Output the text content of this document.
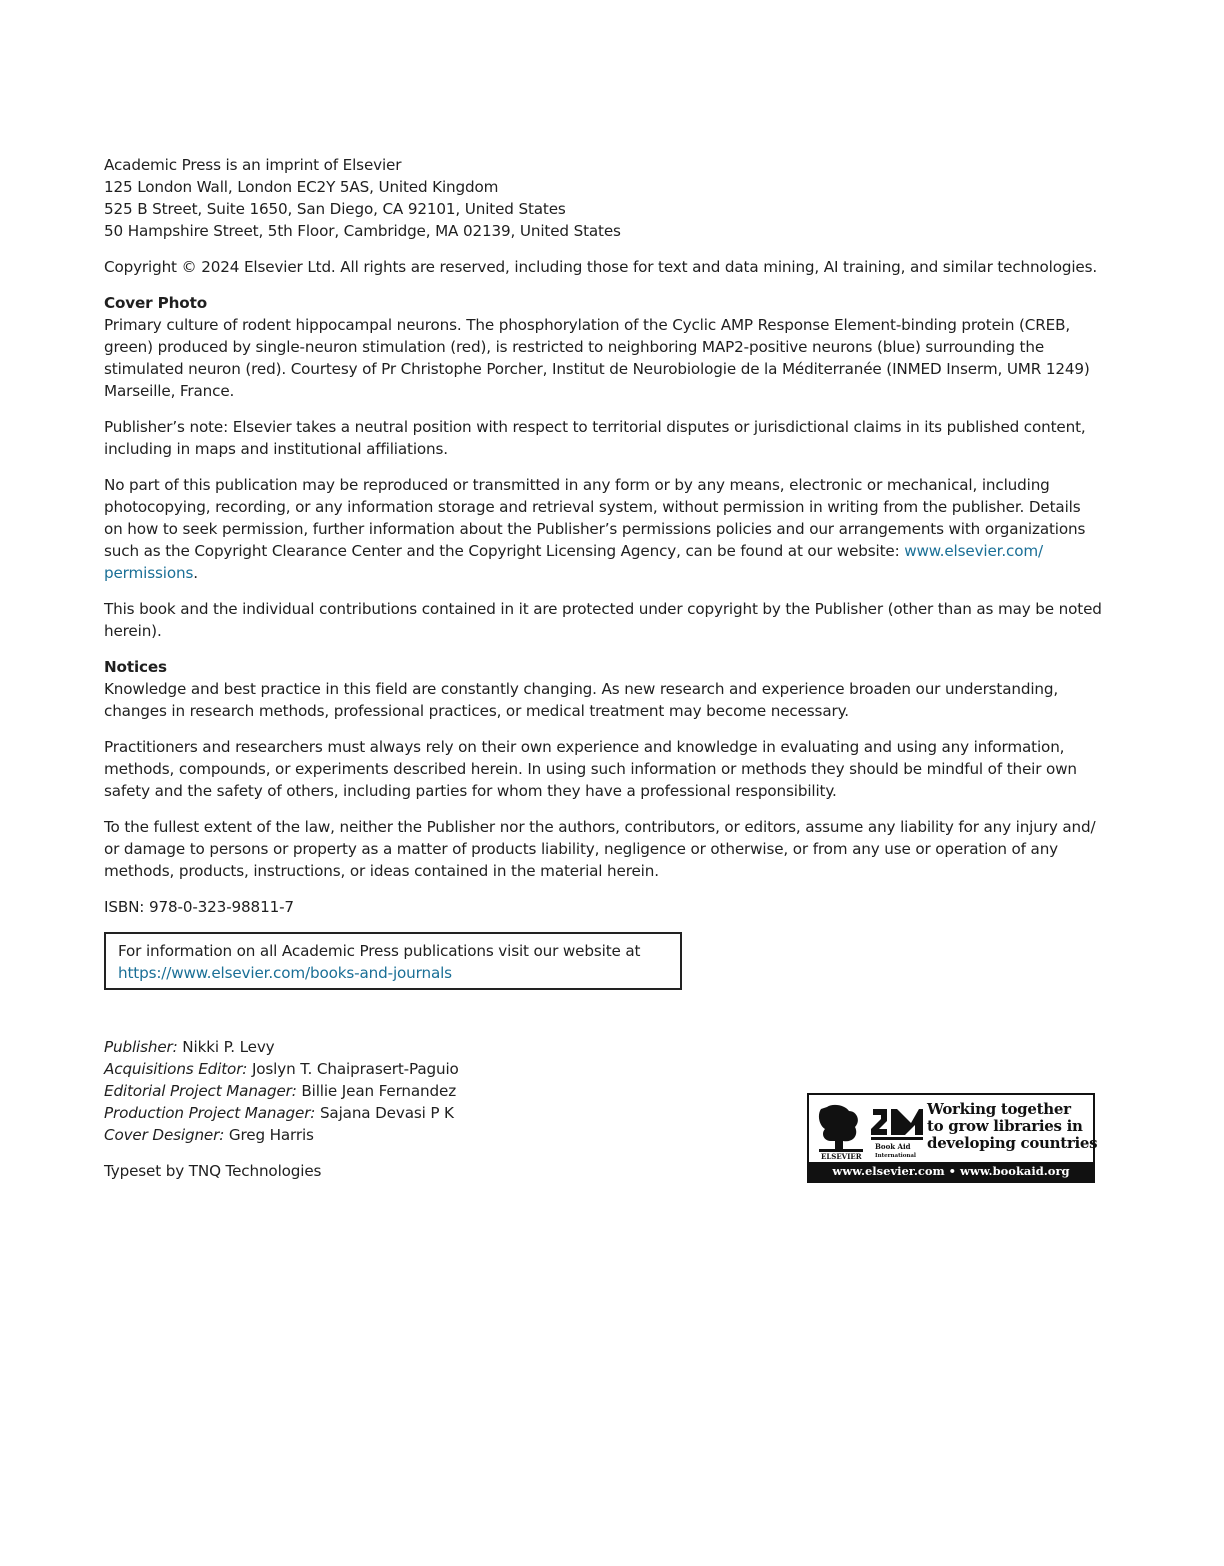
Academic Press is an imprint of Elsevier
125 London Wall, London EC2Y 5AS, United Kingdom
525 B Street, Suite 1650, San Diego, CA 92101, United States
50 Hampshire Street, 5th Floor, Cambridge, MA 02139, United States
Copyright © 2024 Elsevier Ltd. All rights are reserved, including those for text and data mining, AI training, and similar technologies.
Cover Photo
Primary culture of rodent hippocampal neurons. The phosphorylation of the Cyclic AMP Response Element-binding protein (CREB,
green) produced by single-neuron stimulation (red), is restricted to neighboring MAP2-positive neurons (blue) surrounding the
stimulated neuron (red). Courtesy of Pr Christophe Porcher, Institut de Neurobiologie de la Méditerranée (INMED Inserm, UMR 1249)
Marseille, France.
Publisher’s note: Elsevier takes a neutral position with respect to territorial disputes or jurisdictional claims in its published content,
including in maps and institutional affiliations.
No part of this publication may be reproduced or transmitted in any form or by any means, electronic or mechanical, including
photocopying, recording, or any information storage and retrieval system, without permission in writing from the publisher. Details
on how to seek permission, further information about the Publisher’s permissions policies and our arrangements with organizations
such as the Copyright Clearance Center and the Copyright Licensing Agency, can be found at our website: www.elsevier.com/
permissions.
This book and the individual contributions contained in it are protected under copyright by the Publisher (other than as may be noted
herein).
Notices
Knowledge and best practice in this field are constantly changing. As new research and experience broaden our understanding,
changes in research methods, professional practices, or medical treatment may become necessary.
Practitioners and researchers must always rely on their own experience and knowledge in evaluating and using any information,
methods, compounds, or experiments described herein. In using such information or methods they should be mindful of their own
safety and the safety of others, including parties for whom they have a professional responsibility.
To the fullest extent of the law, neither the Publisher nor the authors, contributors, or editors, assume any liability for any injury and/
or damage to persons or property as a matter of products liability, negligence or otherwise, or from any use or operation of any
methods, products, instructions, or ideas contained in the material herein.
ISBN: 978-0-323-98811-7
For information on all Academic Press publications visit our website at
https://www.elsevier.com/books-and-journals
Publisher: Nikki P. Levy
Acquisitions Editor: Joslyn T. Chaiprasert-Paguio
Editorial Project Manager: Billie Jean Fernandez
Production Project Manager: Sajana Devasi P K
Cover Designer: Greg Harris
Typeset by TNQ Technologies
ELSEVIER
Book Aid
International
Working together
to grow libraries in
developing countries
www.elsevier.com • www.bookaid.org
